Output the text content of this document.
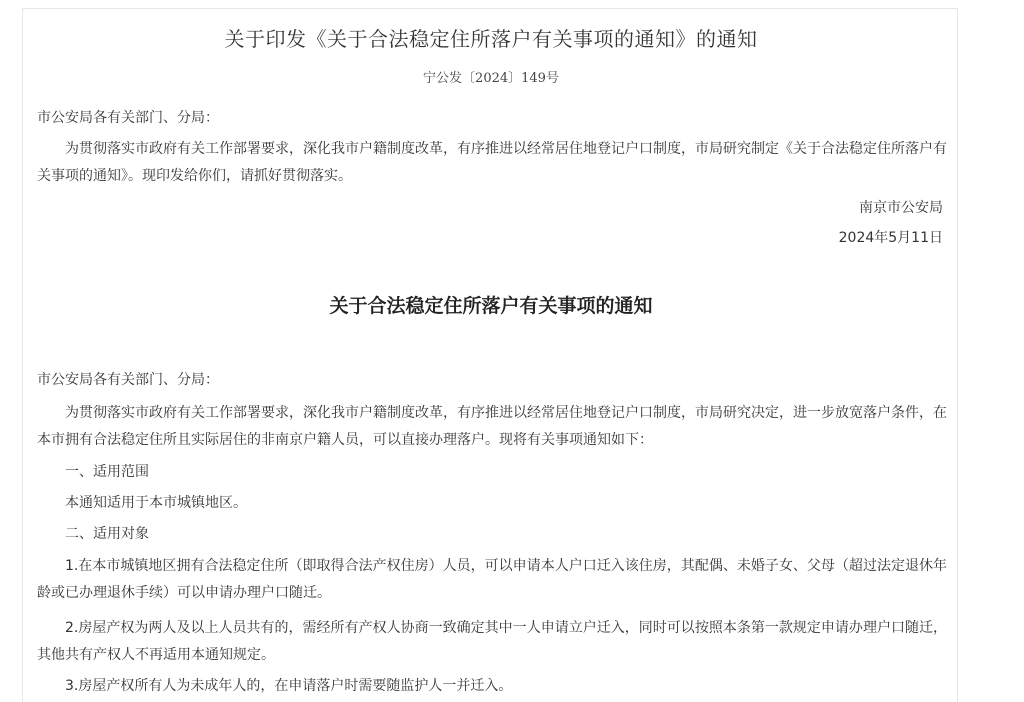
关于印发《关于合法稳定住所落户有关事项的通知》的通知
宁公发〔2024〕149号

市公安局各有关部门、分局：

为贯彻落实市政府有关工作部署要求，深化我市户籍制度改革，有序推进以经常居住地登记户口制度，市局研究制定《关于合法稳定住所落户有关事项的通知》。现印发给你们，请抓好贯彻落实。

南京市公安局
2024年5月11日
关于合法稳定住所落户有关事项的通知

市公安局各有关部门、分局：

为贯彻落实市政府有关工作部署要求，深化我市户籍制度改革，有序推进以经常居住地登记户口制度，市局研究决定，进一步放宽落户条件，在本市拥有合法稳定住所且实际居住的非南京户籍人员，可以直接办理落户。现将有关事项通知如下：

一、适用范围

本通知适用于本市城镇地区。

二、适用对象

1.在本市城镇地区拥有合法稳定住所（即取得合法产权住房）人员，可以申请本人户口迁入该住房，其配偶、未婚子女、父母（超过法定退休年龄或已办理退休手续）可以申请办理户口随迁。

2.房屋产权为两人及以上人员共有的，需经所有产权人协商一致确定其中一人申请立户迁入，同时可以按照本条第一款规定申请办理户口随迁，其他共有产权人不再适用本通知规定。

3.房屋产权所有人为未成年人的，在申请落户时需要随监护人一并迁入。
